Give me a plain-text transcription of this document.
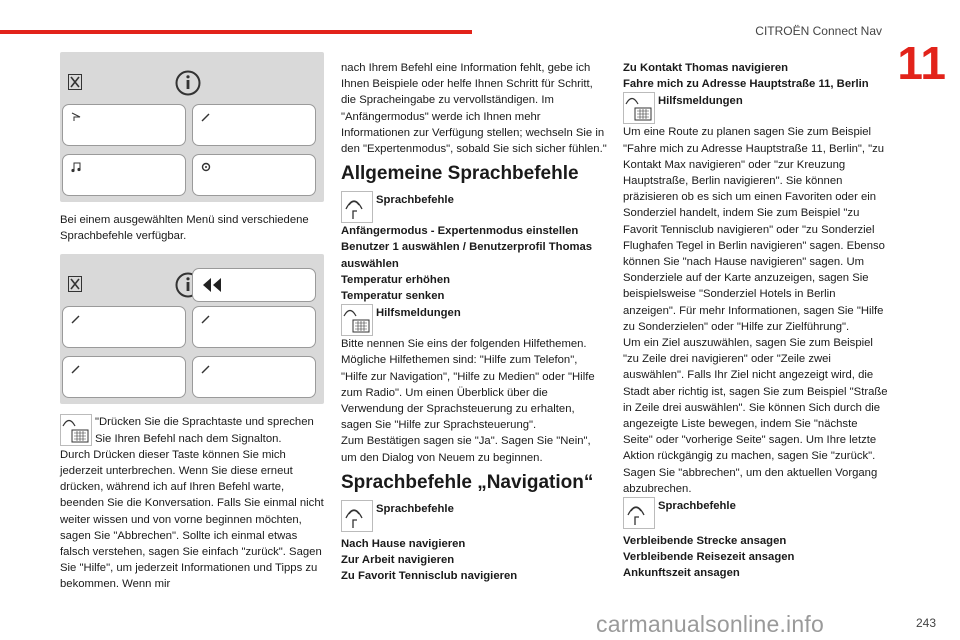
CITROËN Connect Nav
11

Bei einem ausgewählten Menü sind verschiedene Sprachbefehle verfügbar.

"Drücken Sie die Sprachtaste und sprechen
Sie Ihren Befehl nach dem Signalton.

Durch Drücken dieser Taste können Sie mich jederzeit unterbrechen. Wenn Sie diese erneut drücken, während ich auf Ihren Befehl warte, beenden Sie die Konversation. Falls Sie einmal nicht weiter wissen und von vorne beginnen möchten, sagen Sie "Abbrechen". Sollte ich einmal etwas falsch verstehen, sagen Sie einfach "zurück". Sagen Sie "Hilfe", um jederzeit Informationen und Tipps zu bekommen. Wenn mir

nach Ihrem Befehl eine Information fehlt, gebe ich Ihnen Beispiele oder helfe Ihnen Schritt für Schritt, die Spracheingabe zu vervollständigen. Im "Anfängermodus" werde ich Ihnen mehr Informationen zur Verfügung stellen; wechseln Sie in den "Expertenmodus", sobald Sie sich sicher fühlen."

Allgemeine Sprachbefehle
Sprachbefehle
Anfängermodus - Expertenmodus einstellen
Benutzer 1 auswählen / Benutzerprofil Thomas auswählen
Temperatur erhöhen
Temperatur senken
Hilfsmeldungen

Bitte nennen Sie eins der folgenden Hilfethemen. Mögliche Hilfethemen sind: "Hilfe zum Telefon", "Hilfe zur Navigation", "Hilfe zu Medien" oder "Hilfe zum Radio". Um einen Überblick über die Verwendung der Sprachsteuerung zu erhalten, sagen Sie "Hilfe zur Sprachsteuerung".

Zum Bestätigen sagen sie "Ja". Sagen Sie "Nein", um den Dialog von Neuem zu beginnen.

Sprachbefehle „Navigation“
Sprachbefehle
Nach Hause navigieren
Zur Arbeit navigieren
Zu Favorit Tennisclub navigieren
Zu Kontakt Thomas navigieren
Fahre mich zu Adresse Hauptstraße 11, Berlin
Hilfsmeldungen

Um eine Route zu planen sagen Sie zum Beispiel "Fahre mich zu Adresse Hauptstraße 11, Berlin", "zu Kontakt Max navigieren" oder "zur Kreuzung Hauptstraße, Berlin navigieren". Sie können präzisieren ob es sich um einen Favoriten oder ein Sonderziel handelt, indem Sie zum Beispiel "zu Favorit Tennisclub navigieren" oder "zu Sonderziel Flughafen Tegel in Berlin navigieren" sagen. Ebenso können Sie "nach Hause navigieren" sagen. Um Sonderziele auf der Karte anzuzeigen, sagen Sie beispielsweise "Sonderziel Hotels in Berlin anzeigen". Für mehr Informationen, sagen Sie "Hilfe zu Sonderzielen" oder "Hilfe zur Zielführung".

Um ein Ziel auszuwählen, sagen Sie zum Beispiel "zu Zeile drei navigieren" oder "Zeile zwei auswählen". Falls Ihr Ziel nicht angezeigt wird, die Stadt aber richtig ist, sagen Sie zum Beispiel "Straße in Zeile drei auswählen". Sie können Sich durch die angezeigte Liste bewegen, indem Sie "nächste Seite" oder "vorherige Seite" sagen. Um Ihre letzte Aktion rückgängig zu machen, sagen Sie "zurück". Sagen Sie "abbrechen", um den aktuellen Vorgang abzubrechen.

Sprachbefehle
Verbleibende Strecke ansagen
Verbleibende Reisezeit ansagen
Ankunftszeit ansagen
carmanualsonline.info	243
